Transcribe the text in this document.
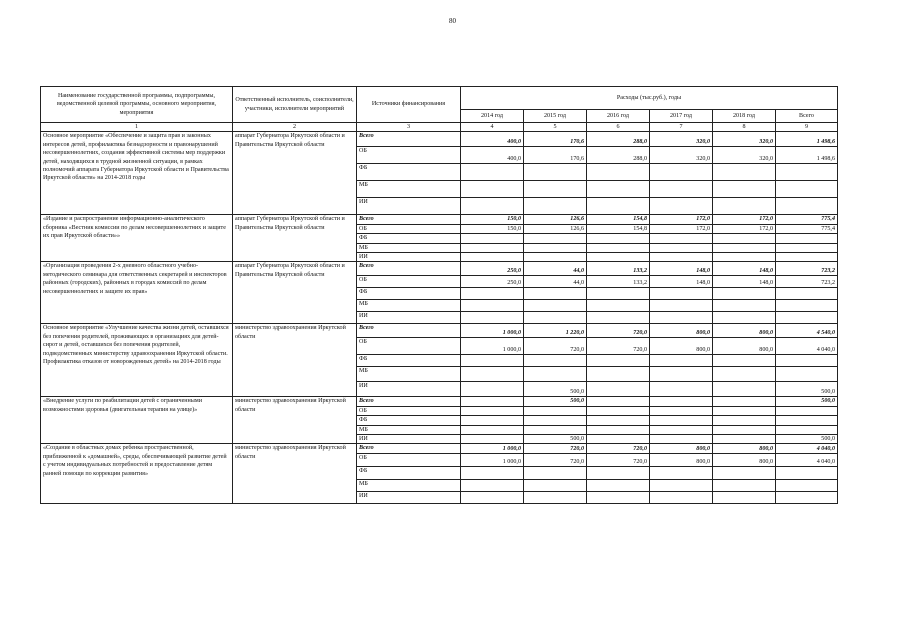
80
Наименование государственной программы, подпрограммы, ведомственной целевой программы, основного мероприятия, мероприятия	Ответственный исполнитель, соисполнители, участники, исполнители мероприятий	Источники финансирования	Расходы (тыс.руб.), годы					
			2014 год	2015 год	2016 год	2017 год	2018 год	Всего
1	2	3	4	5	6	7	8	9
Основное мероприятие «Обеспечение и защита прав и законных интересов детей, профилактика безнадзорности и правонарушений несовершеннолетних, создания эффективной системы мер поддержки детей, находящихся в трудной жизненной ситуации, в рамках полномочий аппарата Губернатора Иркутской области и Правительства Иркутской области» на 2014-2018 годы	аппарат Губернатора Иркутской области и Правительства Иркутской области	Всего	400,0	170,6	288,0	320,0	320,0	1 498,6
		ОБ	400,0	170,6	288,0	320,0	320,0	1 498,6
		ФБ						
		МБ						
		ИИ						
«Издание и распространение информационно-аналитического сборника «Вестник комиссии по делам несовершеннолетних и защите их прав Иркутской области»»	аппарат Губернатора Иркутской области и Правительства Иркутской области	Всего	150,0	126,6	154,8	172,0	172,0	775,4
		ОБ	150,0	126,6	154,8	172,0	172,0	775,4
		ФБ						
		МБ						
		ИИ						
«Организация проведения 2-х дневного областного учебно-методического семинара для ответственных секретарей и инспекторов районных (городских), районных в городах комиссий по делам несовершеннолетних и защите их прав»	аппарат Губернатора Иркутской области и Правительства Иркутской области	Всего	250,0	44,0	133,2	148,0	148,0	723,2
		ОБ	250,0	44,0	133,2	148,0	148,0	723,2
		ФБ						
		МБ						
		ИИ						
Основное мероприятие «Улучшение качества жизни детей, оставшихся без попечения родителей, проживающих в организациях для детей-сирот и детей, оставшихся без попечения родителей, подведомственных министерству здравоохранения Иркутской области. Профилактика отказов от новорожденных детей» на 2014-2018 годы	министерство здравоохранения Иркутской области	Всего	1 000,0	1 220,0	720,0	800,0	800,0	4 540,0
		ОБ	1 000,0	720,0	720,0	800,0	800,0	4 040,0
		ФБ						
		МБ						
		ИИ		500,0				500,0
«Внедрение услуги по реабилитации детей с ограниченными возможностями здоровья (двигательная терапия на улице)»	министерство здравоохранения Иркутской области	Всего		500,0				500,0
		ОБ						
		ФБ						
		МБ						
		ИИ		500,0				500,0
«Создание в областных домах ребенка пространственной, приближенной к «домашней», среды, обеспечивающей развитие детей с учетом индивидуальных потребностей и предоставление детям ранней помощи по коррекции развития»	министерство здравоохранения Иркутской области	Всего	1 000,0	720,0	720,0	800,0	800,0	4 040,0
		ОБ	1 000,0	720,0	720,0	800,0	800,0	4 040,0
		ФБ						
		МБ						
		ИИ						
